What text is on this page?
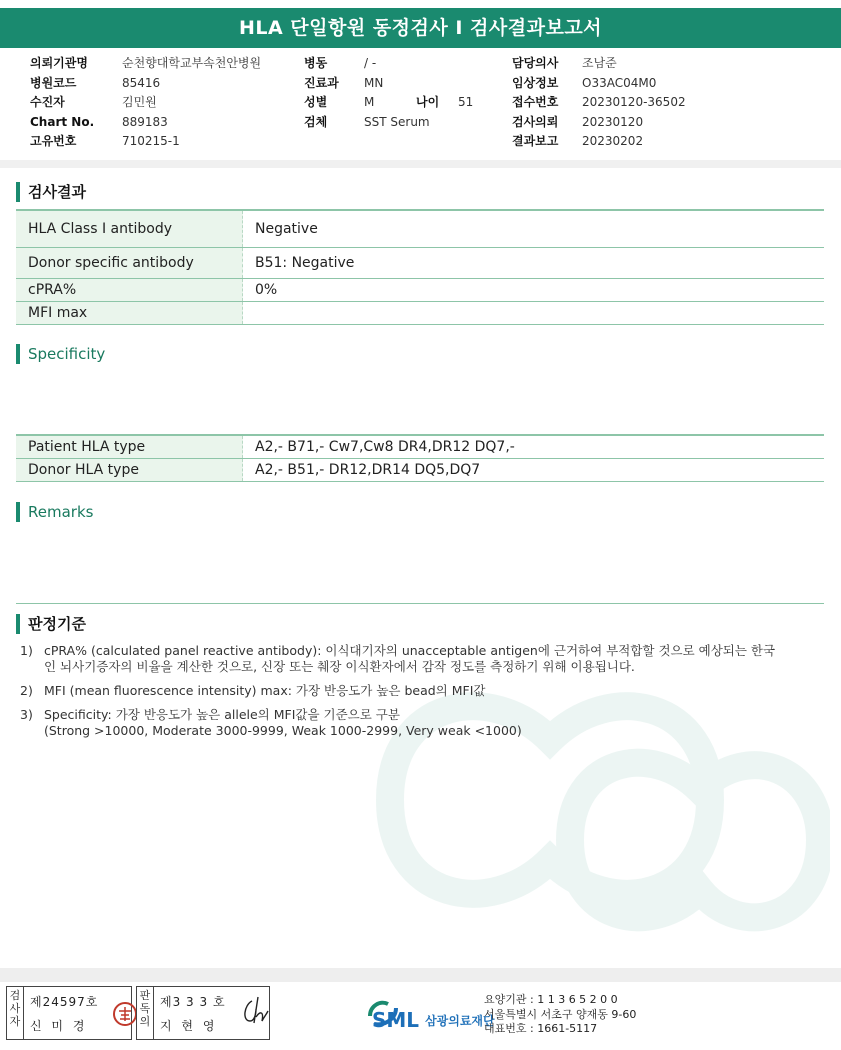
HLA 단일항원 동정검사 I 검사결과보고서
의뢰기관명	순천향대학교부속천안병원
병원코드	85416
수진자	김민원
Chart No. 889183
고유번호	710215-1
병동	/ -
진료과 MN
성별	M	나이 51
검체	SST Serum
담당의사 조남준
임상정보 O33AC04M0
접수번호 20230120-36502
검사의뢰 20230120
결과보고 20230202
검사결과
HLA Class I antibody	Negative
Donor specific antibody	B51: Negative
cPRA%	0%
MFI max	
Specificity
Patient HLA type	A2,- B71,- Cw7,Cw8 DR4,DR12 DQ7,-
Donor HLA type	A2,- B51,- DR12,DR14 DQ5,DQ7
Remarks
판정기준
1) cPRA% (calculated panel reactive antibody): 이식대기자의 unacceptable antigen에 근거하여 부적합할 것으로 예상되는 한국인 뇌사기증자의 비율을 계산한 것으로, 신장 또는 췌장 이식환자에서 감작 정도를 측정하기 위해 이용됩니다.
2) MFI (mean fluorescence intensity) max: 가장 반응도가 높은 bead의 MFI값
3) Specificity: 가장 반응도가 높은 allele의 MFI값을 기준으로 구분
(Strong >10000, Moderate 3000-9999, Weak 1000-2999, Very weak <1000)
검사자
제24597호
신 미 경
판독의
제3 3 3 호
지 현 영	SML 삼광의료재단
요양기관 : 1 1 3 6 5 2 0 0
서울특별시 서초구 양재동 9-60
대표번호 : 1661-5117
